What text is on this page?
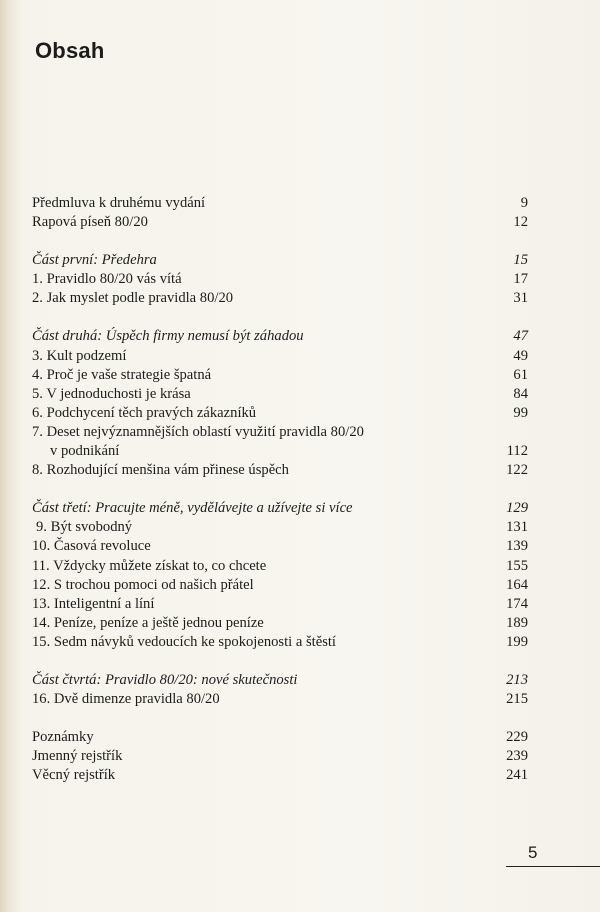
Obsah
Předmluva k druhému vydání	9
Rapová píseň 80/20	12
Část první: Předehra	15
1. Pravidlo 80/20 vás vítá	17
2. Jak myslet podle pravidla 80/20	31
Část druhá: Úspěch firmy nemusí být záhadou	47
3. Kult podzemí	49
4. Proč je vaše strategie špatná	61
5. V jednoduchosti je krása	84
6. Podchycení těch pravých zákazníků	99
7. Deset nejvýznamnějších oblastí využití pravidla 80/20
v podnikání	112
8. Rozhodující menšina vám přinese úspěch	122
Část třetí: Pracujte méně, vydělávejte a užívejte si více	129
9. Být svobodný	131
10. Časová revoluce	139
11. Vždycky můžete získat to, co chcete	155
12. S trochou pomoci od našich přátel	164
13. Inteligentní a líní	174
14. Peníze, peníze a ještě jednou peníze	189
15. Sedm návyků vedoucích ke spokojenosti a štěstí	199
Část čtvrtá: Pravidlo 80/20: nové skutečnosti	213
16. Dvě dimenze pravidla 80/20	215
Poznámky	229
Jmenný rejstřík	239
Věcný rejstřík	241
5
